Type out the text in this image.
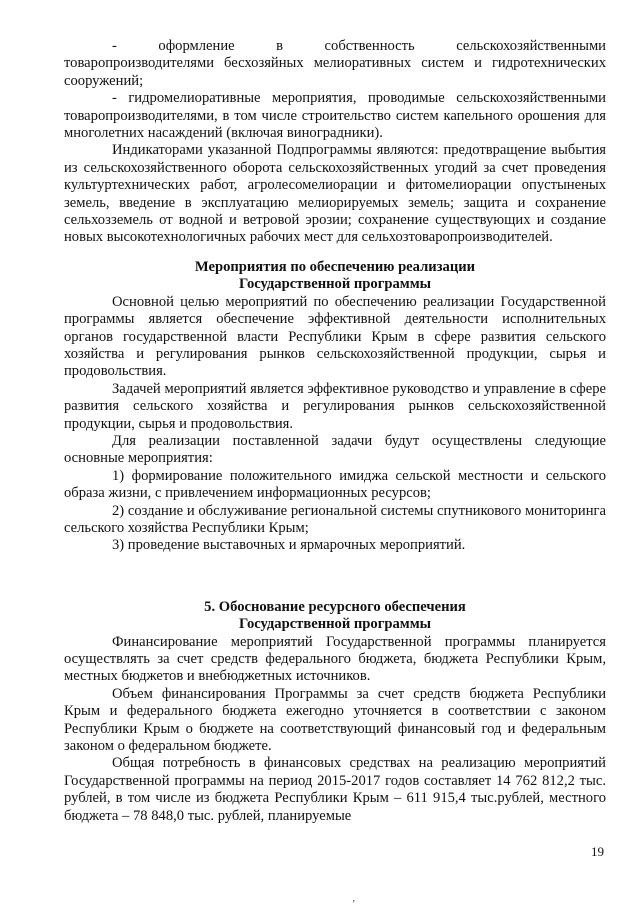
- оформление в собственность сельскохозяйственными товаропроизводителями бесхозяйных мелиоративных систем и гидротехнических сооружений;

- гидромелиоративные мероприятия, проводимые сельскохозяйственными товаропроизводителями, в том числе строительство систем капельного орошения для многолетних насаждений (включая виноградники).

Индикаторами указанной Подпрограммы являются: предотвращение выбытия из сельскохозяйственного оборота сельскохозяйственных угодий за счет проведения культуртехнических работ, агролесомелиорации и фитомелиорации опустыненых земель, введение в эксплуатацию мелиорируемых земель; защита и сохранение сельхозземель от водной и ветровой эрозии; сохранение существующих и создание новых высокотехнологичных рабочих мест для сельхозтоваропроизводителей.

Мероприятия по обеспечению реализации
Государственной программы

Основной целью мероприятий по обеспечению реализации Государственной программы является обеспечение эффективной деятельности исполнительных органов государственной власти Республики Крым в сфере развития сельского хозяйства и регулирования рынков сельскохозяйственной продукции, сырья и продовольствия.

Задачей мероприятий является эффективное руководство и управление в сфере развития сельского хозяйства и регулирования рынков сельскохозяйственной продукции, сырья и продовольствия.

Для реализации поставленной задачи будут осуществлены следующие основные мероприятия:

1) формирование положительного имиджа сельской местности и сельского образа жизни, с привлечением информационных ресурсов;

2) создание и обслуживание региональной системы спутникового мониторинга сельского хозяйства Республики Крым;

3) проведение выставочных и ярмарочных мероприятий.

5. Обоснование ресурсного обеспечения
Государственной программы

Финансирование мероприятий Государственной программы планируется осуществлять за счет средств федерального бюджета, бюджета Республики Крым, местных бюджетов и внебюджетных источников.

Объем финансирования Программы за счет средств бюджета Республики Крым и федерального бюджета ежегодно уточняется в соответствии с законом Республики Крым о бюджете на соответствующий финансовый год и федеральным законом о федеральном бюджете.

Общая потребность в финансовых средствах на реализацию мероприятий Государственной программы на период 2015-2017 годов составляет 14 762 812,2 тыс. рублей, в том числе из бюджета Республики Крым – 611 915,4 тыс.рублей, местного бюджета – 78 848,0 тыс. рублей, планируемые

19
‚
